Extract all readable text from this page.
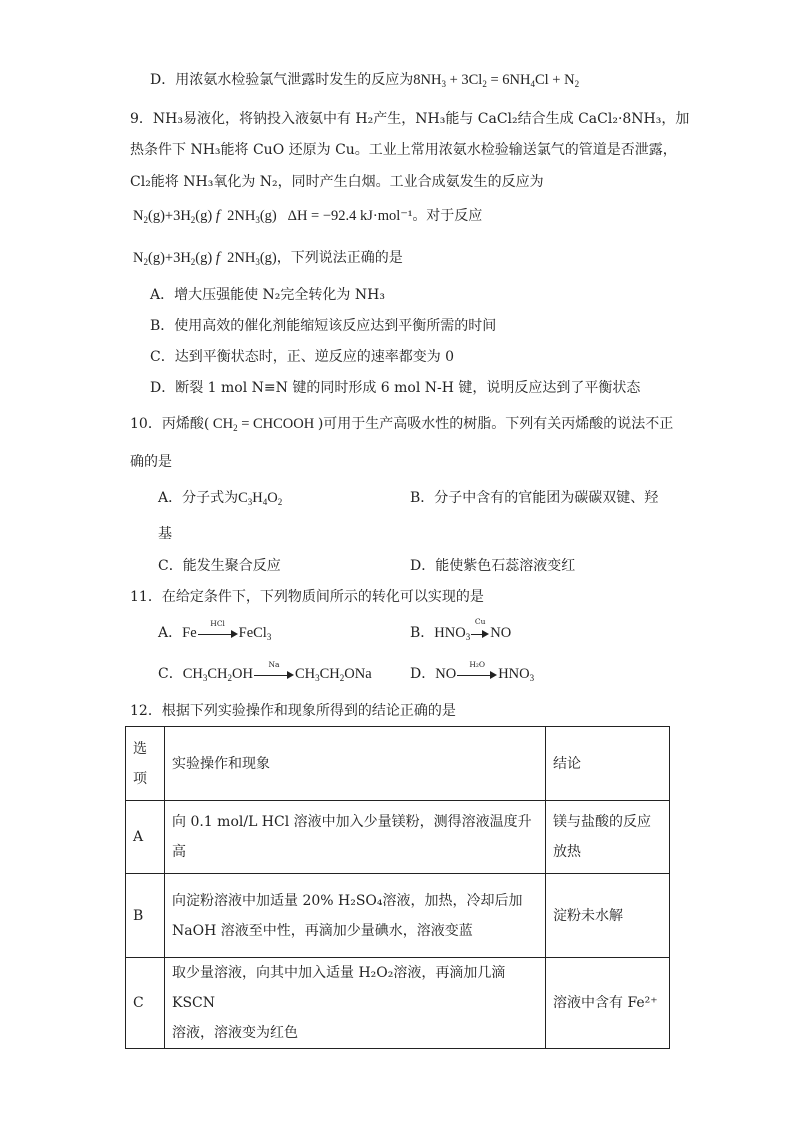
D．用浓氨水检验氯气泄露时发生的反应为$8NH_3 + 3Cl_2 = 6NH_4Cl + N_2$
9．NH₃易液化，将钠投入液氨中有 H₂产生，NH₃能与 CaCl₂结合生成 CaCl₂·8NH₃，加
热条件下 NH₃能将 CuO 还原为 Cu。工业上常用浓氨水检验输送氯气的管道是否泄露，
Cl₂能将 NH₃氧化为 N₂，同时产生白烟。工业合成氨发生的反应为
$N_2(g)+3H_2(g)$ f  $2NH_3(g) \Delta H = -92.4$ kJ·mol⁻¹。对于反应
$N_2(g)+3H_2(g)$ f  $2NH_3(g)$，下列说法正确的是
A．增大压强能使 N₂完全转化为 NH₃
B．使用高效的催化剂能缩短该反应达到平衡所需的时间
C．达到平衡状态时，正、逆反应的速率都变为 0
D．断裂 1 mol N≡N 键的同时形成 6 mol N-H 键，说明反应达到了平衡状态
10．丙烯酸( $CH_2$ = CHCOOH )可用于生产高吸水性的树脂。下列有关丙烯酸的说法不正
确的是
A．分子式为$C_3H_4O_2$	B．分子中含有的官能团为碳碳双键、羟
基
C．能发生聚合反应	D．能使紫色石蕊溶液变红
11．在给定条件下，下列物质间所示的转化可以实现的是
A．Fe
HCl
FeCl$_3$	B．$HNO_3$
Cu
NO
C．$CH_3CH_2OH$
Na
$CH_3CH_2ONa$	D．NO
H₂O
$HNO_3$
12．根据下列实验操作和现象所得到的结论正确的是
选
项	实验操作和现象	结论
A	向 0.1 mol/L HCl 溶液中加入少量镁粉，测得溶液温度升高	镁与盐酸的反应
放热

B	向淀粉溶液中加适量 20% H₂SO₄溶液，加热，冷却后加
NaOH 溶液至中性，再滴加少量碘水，溶液变蓝	淀粉未水解

C	取少量溶液，向其中加入适量 H₂O₂溶液，再滴加几滴 KSCN
溶液，溶液变为红色	溶液中含有 Fe²⁺
